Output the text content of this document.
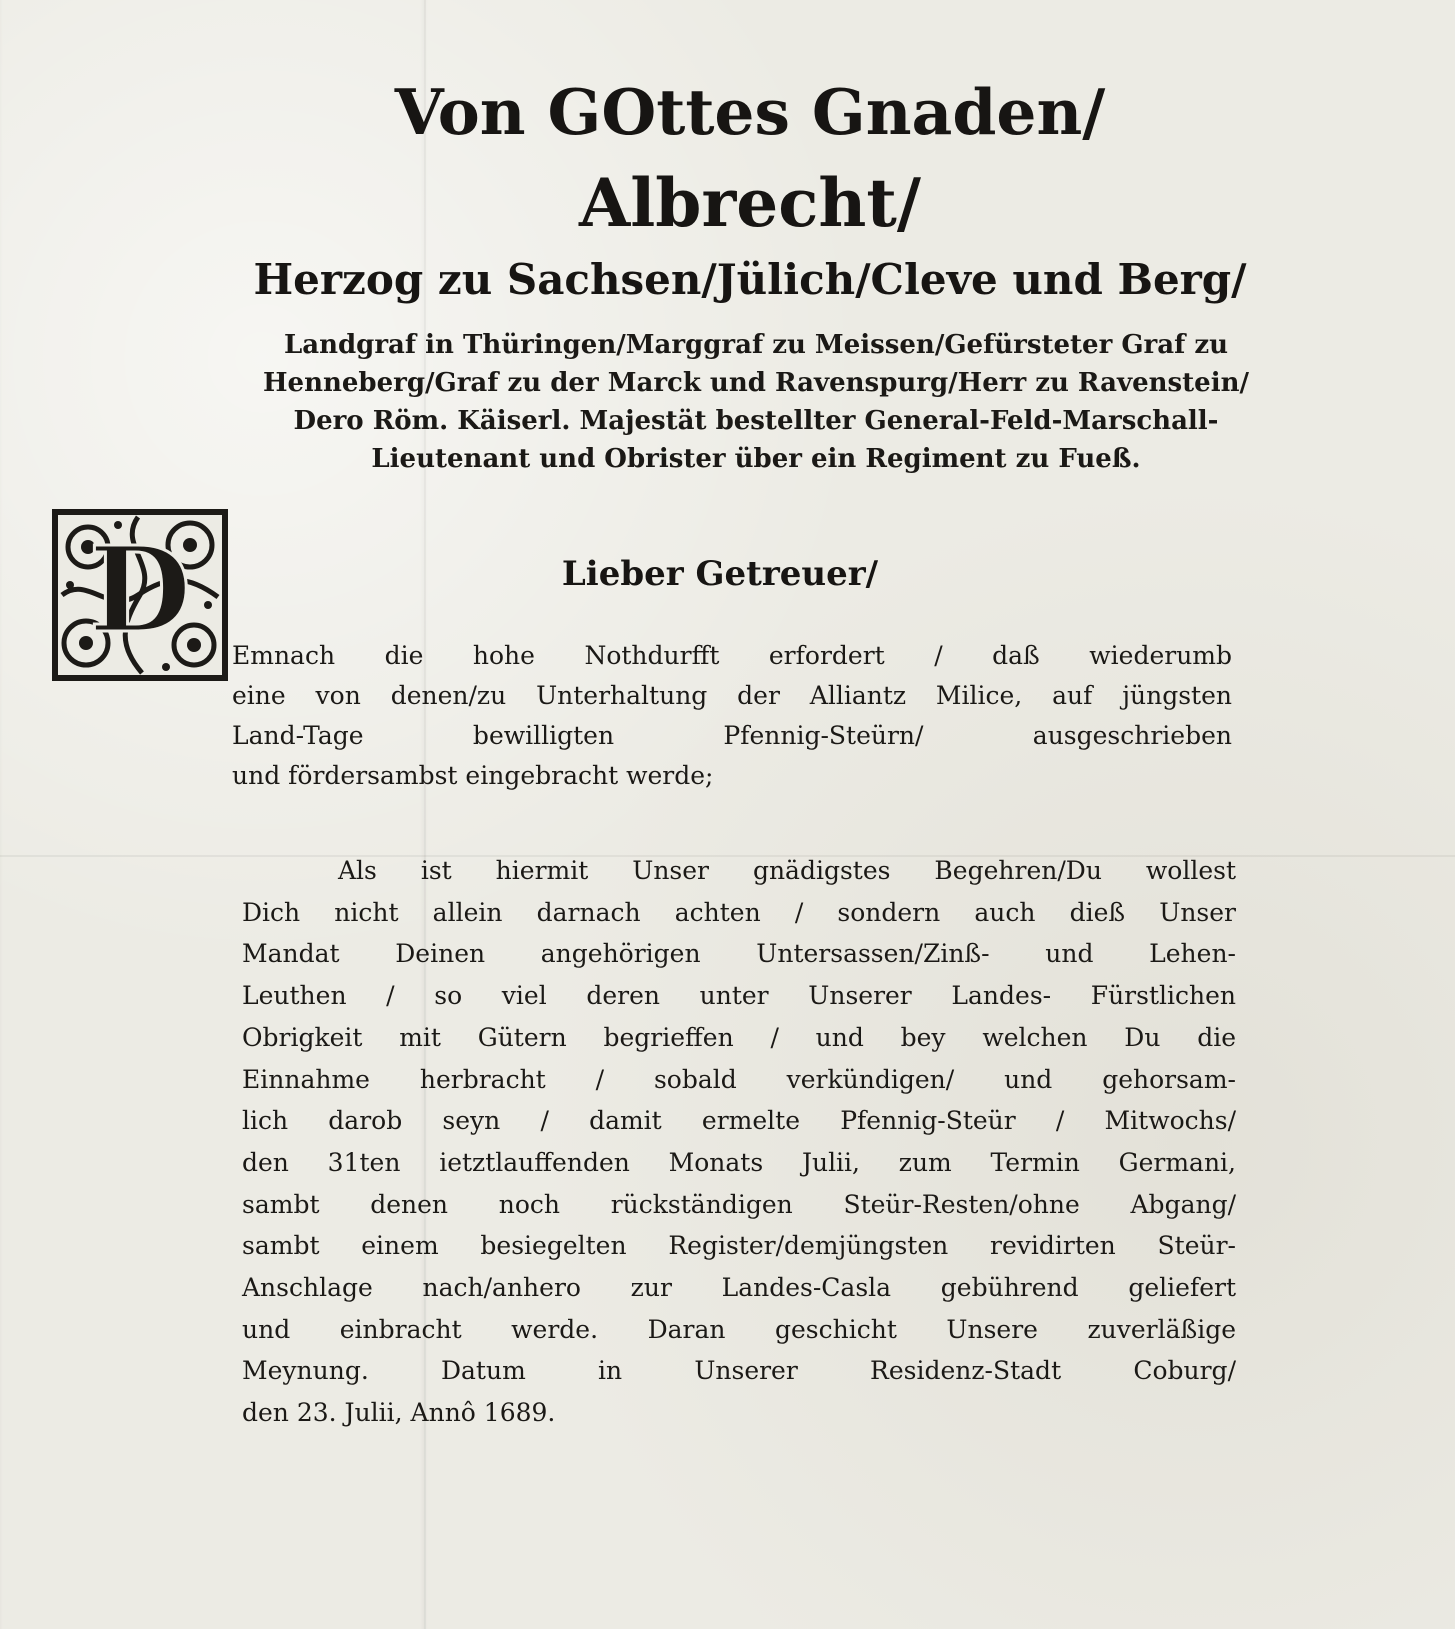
Von GOttes Gnaden/
Albrecht/
Herzog zu Sachsen/Jülich/Cleve und Berg/
Landgraf in Thüringen/Marggraf zu Meissen/Gefürsteter Graf zu
Henneberg/Graf zu der Marck und Ravenspurg/Herr zu Ravenstein/
Dero Röm. Käiserl. Majestät bestellter General-Feld-Marschall-
Lieutenant und Obrister über ein Regiment zu Fueß.
D	Lieber Getreuer/
Emnach die hohe Nothdurfft erfordert / daß wiederumb
eine von denen/zu Unterhaltung der Alliantz Milice, auf jüngsten
Land-Tage bewilligten Pfennig-Steürn/ ausgeschrieben
und fördersambst eingebracht werde;
Als ist hiermit Unser gnädigstes Begehren/Du wollest
Dich nicht allein darnach achten / sondern auch dieß Unser
Mandat Deinen angehörigen Untersassen/Zinß- und Lehen-
Leuthen / so viel deren unter Unserer Landes- Fürstlichen
Obrigkeit mit Gütern begrieffen / und bey welchen Du die
Einnahme herbracht / sobald verkündigen/ und gehorsam-
lich darob seyn / damit ermelte Pfennig-Steür / Mitwochs/
den 31ten ietztlauffenden Monats Julii, zum Termin Germani,
sambt denen noch rückständigen Steür-Resten/ohne Abgang/
sambt einem besiegelten Register/demjüngsten revidirten Steür-
Anschlage nach/anhero zur Landes-Casla gebührend geliefert
und einbracht werde. Daran geschicht Unsere zuverläßige
Meynung. Datum in Unserer Residenz-Stadt Coburg/
den 23. Julii, Annô 1689.
